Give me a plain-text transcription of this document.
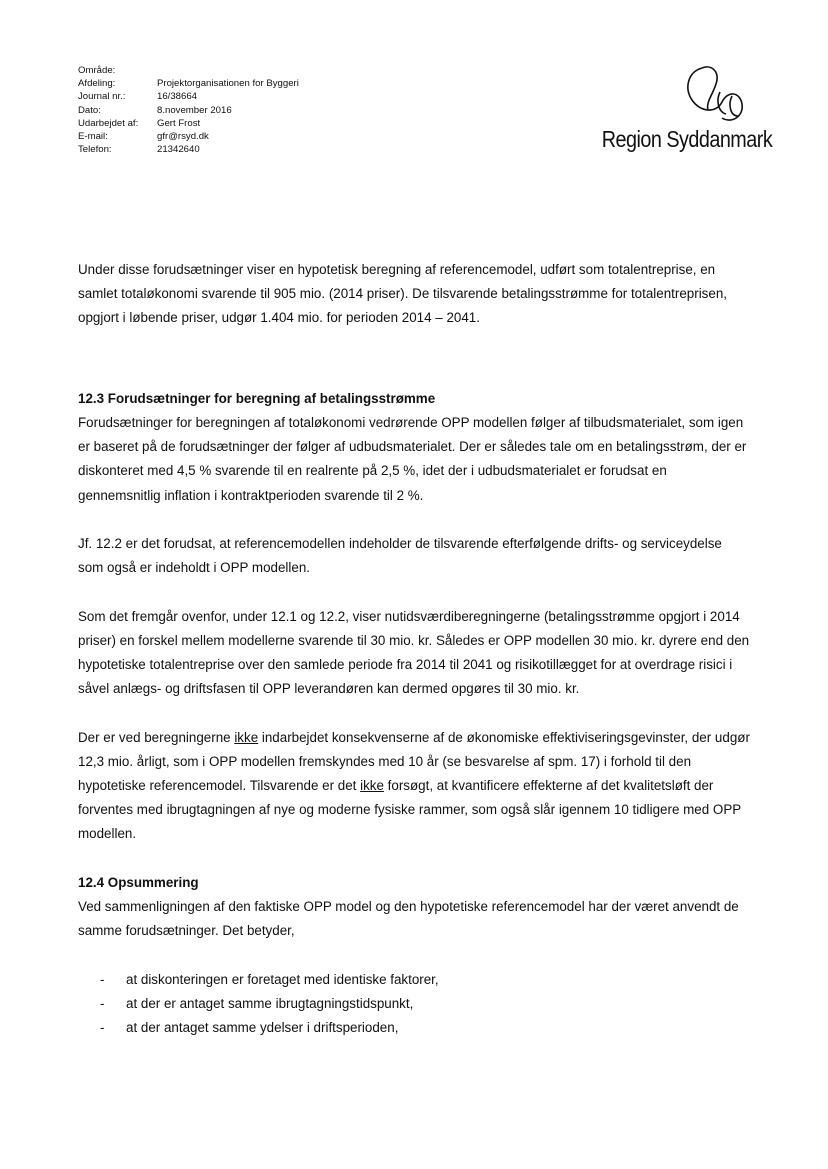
Område:
Afdeling:	Projektorganisationen for Byggeri
Journal nr.:	16/38664
Dato:	8.november 2016
Udarbejdet af:	Gert Frost
E-mail:	gfr@rsyd.dk
Telefon:	21342640	Region Syddanmark

Under disse forudsætninger viser en hypotetisk beregning af referencemodel, udført som totalentreprise, en samlet totaløkonomi svarende til 905 mio. (2014 priser). De tilsvarende betalingsstrømme for totalentreprisen, opgjort i løbende priser, udgør 1.404 mio. for perioden 2014 – 2041.

12.3 Forudsætninger for beregning af betalingsstrømme

Forudsætninger for beregningen af totaløkonomi vedrørende OPP modellen følger af tilbudsmaterialet, som igen er baseret på de forudsætninger der følger af udbudsmaterialet. Der er således tale om en betalingsstrøm, der er diskonteret med 4,5 % svarende til en realrente på 2,5 %, idet der i udbudsmaterialet er forudsat en gennemsnitlig inflation i kontraktperioden svarende til 2 %.

Jf. 12.2 er det forudsat, at referencemodellen indeholder de tilsvarende efterfølgende drifts- og serviceydelse som også er indeholdt i OPP modellen.

Som det fremgår ovenfor, under 12.1 og 12.2, viser nutidsværdiberegningerne (betalingsstrømme opgjort i 2014 priser) en forskel mellem modellerne svarende til 30 mio. kr. Således er OPP modellen 30 mio. kr. dyrere end den hypotetiske totalentreprise over den samlede periode fra 2014 til 2041 og risikotillægget for at overdrage risici i såvel anlægs- og driftsfasen til OPP leverandøren kan dermed opgøres til 30 mio. kr.

Der er ved beregningerne ikke indarbejdet konsekvenserne af de økonomiske effektiviseringsgevinster, der udgør 12,3 mio. årligt, som i OPP modellen fremskyndes med 10 år (se besvarelse af spm. 17) i forhold til den hypotetiske referencemodel. Tilsvarende er det ikke forsøgt, at kvantificere effekterne af det kvalitetsløft der forventes med ibrugtagningen af nye og moderne fysiske rammer, som også slår igennem 10 tidligere med OPP modellen.

12.4 Opsummering

Ved sammenligningen af den faktiske OPP model og den hypotetiske referencemodel har der været anvendt de samme forudsætninger. Det betyder,

-	at diskonteringen er foretaget med identiske faktorer,
-	at der er antaget samme ibrugtagningstidspunkt,
-	at der antaget samme ydelser i driftsperioden,
